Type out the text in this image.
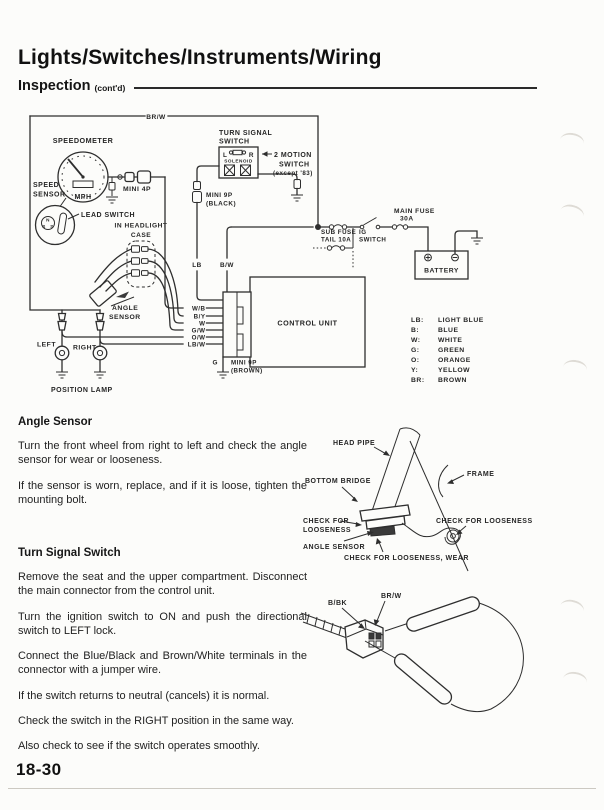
Lights/Switches/Instruments/Wiring
Inspection (cont'd)
BR/W
MAIN FUSE
30A
IG
SWITCH
SUB FUSE
TAIL 10A
BATTERY
SPEEDOMETER
MPH
MINI 4P
SPEED
SENSOR
N
S S
LEAD SWITCH
TURN SIGNAL
SWITCH
L	R
SOLENOID
2 MOTION
SWITCH
(except '83)
MINI 9P
(BLACK)
LB	B/W
IN HEADLIGHT
CASE
ANGLE
SENSOR
LEFT	RIGHT
POSITION LAMP
W/B
B/Y
W
G/W
O/W
LB/W
CONTROL UNIT
G MINI 9P
(BROWN)
LB: LIGHT BLUE
B:	BLUE
W:	WHITE
G:	GREEN
O:	ORANGE
Y:	YELLOW
BR: BROWN
Angle Sensor

Turn the front wheel from right to left and check the angle sensor for wear or looseness.

If the sensor is worn, replace, and if it is loose, tighten the mounting bolt.

HEAD PIPE
FRAME
BOTTOM BRIDGE
CHECK FOR
LOOSENESS
ANGLE SENSOR
CHECK FOR LOOSENESS
CHECK FOR LOOSENESS, WEAR
Turn Signal Switch

Remove the seat and the upper compartment. Disconnect the main connector from the control unit.

Turn the ignition switch to ON and push the directional switch to LEFT lock.

Connect the Blue/Black and Brown/White terminals in the connector with a jumper wire.

If the switch returns to neutral (cancels) it is normal.

Check the switch in the RIGHT position in the same way.

Also check to see if the switch operates smoothly.

B/BK
BR/W
18-30
